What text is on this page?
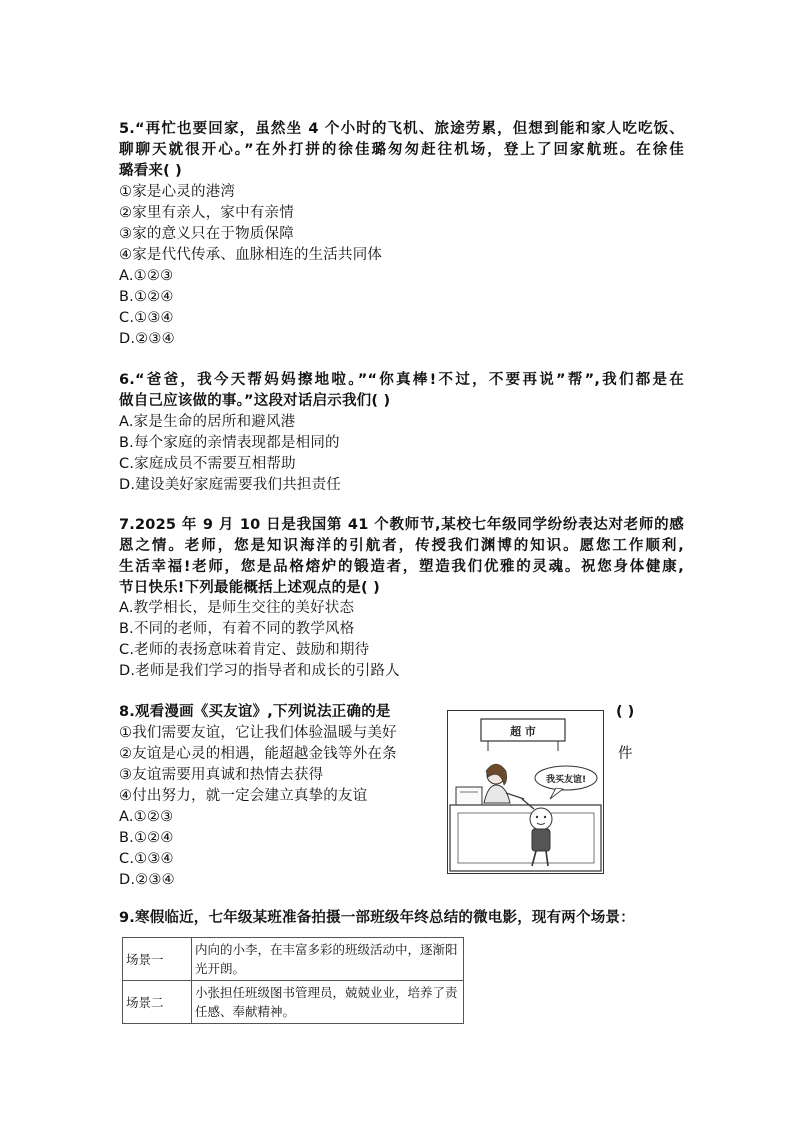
5.“再忙也要回家，虽然坐 4 个小时的飞机、旅途劳累，但想到能和家人吃吃饭、
聊聊天就很开心。”在外打拼的徐佳璐匆匆赶往机场，登上了回家航班。在徐佳
璐看来( )
①家是心灵的港湾
②家里有亲人，家中有亲情
③家的意义只在于物质保障
④家是代代传承、血脉相连的生活共同体
A.①②③
B.①②④
C.①③④
D.②③④
6.“爸爸，我今天帮妈妈擦地啦。”“你真棒!不过，不要再说”帮”,我们都是在
做自己应该做的事。”这段对话启示我们( )
A.家是生命的居所和避风港
B.每个家庭的亲情表现都是相同的
C.家庭成员不需要互相帮助
D.建设美好家庭需要我们共担责任
7.2025 年 9 月 10 日是我国第 41 个教师节,某校七年级同学纷纷表达对老师的感
恩之情。老师，您是知识海洋的引航者，传授我们渊博的知识。愿您工作顺利,
生活幸福!老师，您是品格熔炉的锻造者，塑造我们优雅的灵魂。祝您身体健康,
节日快乐!下列最能概括上述观点的是( )
A.教学相长，是师生交往的美好状态
B.不同的老师，有着不同的教学风格
C.老师的表扬意味着肯定、鼓励和期待
D.老师是我们学习的指导者和成长的引路人
8.观看漫画《买友谊》,下列说法正确的是	( )
①我们需要友谊，它让我们体验温暖与美好
②友谊是心灵的相遇，能超越金钱等外在条	件
③友谊需要用真诚和热情去获得
④付出努力，就一定会建立真挚的友谊
A.①②③
B.①②④
C.①③④
D.②③④
超 市
我买友谊!
9.寒假临近，七年级某班准备拍摄一部班级年终总结的微电影，现有两个场景：
场景一	内向的小李，在丰富多彩的班级活动中，逐渐阳光开朗。
场景二	小张担任班级图书管理员，兢兢业业，培养了责任感、奉献精神。
